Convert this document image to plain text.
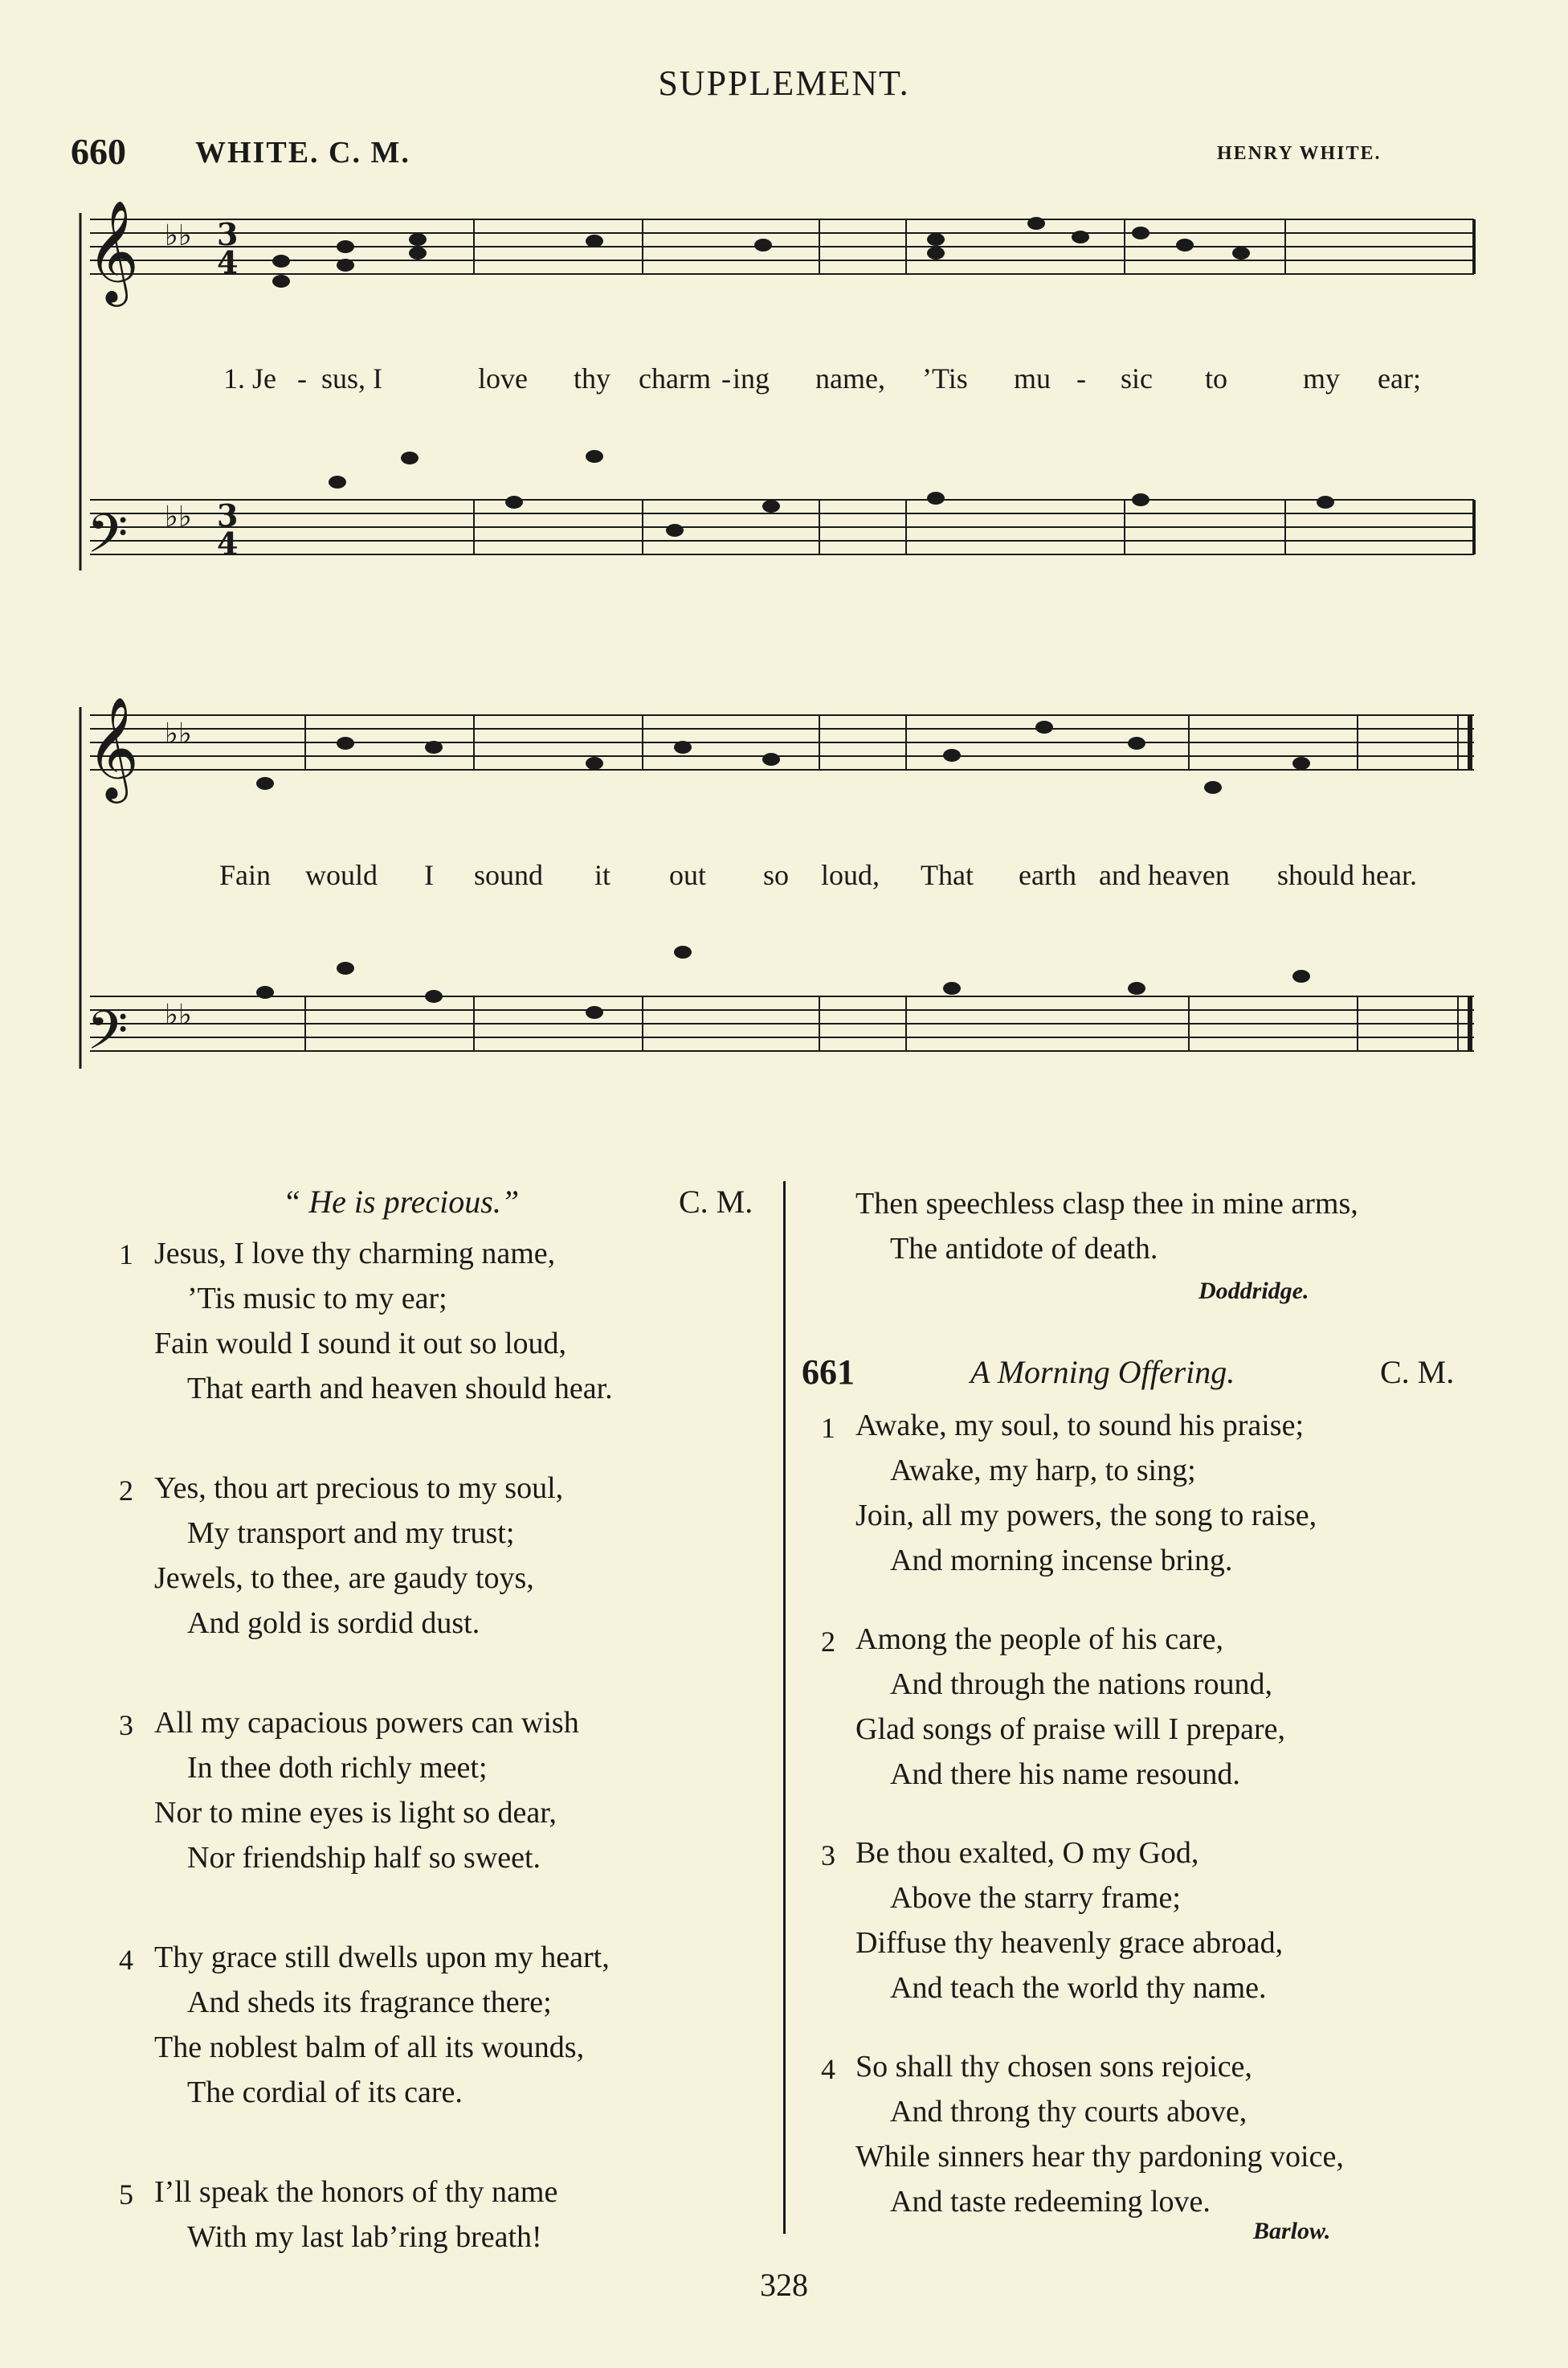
SUPPLEMENT.
660 WHITE. C. M.	HENRY WHITE.
𝄞
𝄢
𝄞
𝄢
♭♭
♭♭
♭♭
♭♭
3
4
3
4
1. Je - sus, I	love thy charm - ing name, ’Tis mu - sic to	my ear;
Fain would I sound it out so loud, That earth and heaven should hear.
“ He is precious.”	C. M.
1 Jesus, I love thy charming name,
’Tis music to my ear;
Fain would I sound it out so loud,
That earth and heaven should hear.
2 Yes, thou art precious to my soul,
My transport and my trust;
Jewels, to thee, are gaudy toys,
And gold is sordid dust.
3 All my capacious powers can wish
In thee doth richly meet;
Nor to mine eyes is light so dear,
Nor friendship half so sweet.
4 Thy grace still dwells upon my heart,
And sheds its fragrance there;
The noblest balm of all its wounds,
The cordial of its care.
5 I’ll speak the honors of thy name
With my last lab’ring breath!
Then speechless clasp thee in mine arms,
The antidote of death.
Doddridge.
661	A Morning Offering.	C. M.
1 Awake, my soul, to sound his praise;
Awake, my harp, to sing;
Join, all my powers, the song to raise,
And morning incense bring.
2 Among the people of his care,
And through the nations round,
Glad songs of praise will I prepare,
And there his name resound.
3 Be thou exalted, O my God,
Above the starry frame;
Diffuse thy heavenly grace abroad,
And teach the world thy name.
4 So shall thy chosen sons rejoice,
And throng thy courts above,
While sinners hear thy pardoning voice,
And taste redeeming love.
Barlow.
328
